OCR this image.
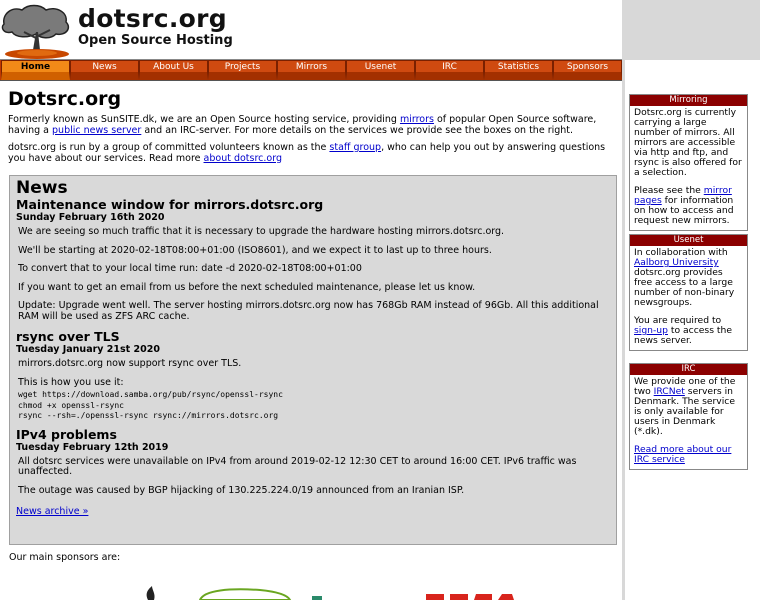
dotsrc.org
Open Source Hosting
Home	News	About Us	Projects	Mirrors	Usenet	IRC	Statistics	Sponsors
Dotsrc.org

Formerly known as SunSITE.dk, we are an Open Source hosting service, providing mirrors of popular Open Source software, having a public news server and an IRC-server. For more details on the services we provide see the boxes on the right.

dotsrc.org is run by a group of committed volunteers known as the staff group, who can help you out by answering questions you have about our services. Read more about dotsrc.org

News
Maintenance window for mirrors.dotsrc.org
Sunday February 16th 2020

We are seeing so much traffic that it is necessary to upgrade the hardware hosting mirrors.dotsrc.org.

We'll be starting at 2020-02-18T08:00+01:00 (ISO8601), and we expect it to last up to three hours.

To convert that to your local time run: date -d 2020-02-18T08:00+01:00

If you want to get an email from us before the next scheduled maintenance, please let us know.

Update: Upgrade went well. The server hosting mirrors.dotsrc.org now has 768Gb RAM instead of 96Gb. All this additional RAM will be used as ZFS ARC cache.

rsync over TLS
Tuesday January 21st 2020

mirrors.dotsrc.org now support rsync over TLS.

This is how you use it:

wget https://download.samba.org/pub/rsync/openssl-rsync
chmod +x openssl-rsync
rsync --rsh=./openssl-rsync rsync://mirrors.dotsrc.org
IPv4 problems
Tuesday February 12th 2019

All dotsrc services were unavailable on IPv4 from around 2019-02-12 12:30 CET to around 16:00 CET. IPv6 traffic was unaffected.

The outage was caused by BGP hijacking of 130.225.224.0/19 announced from an Iranian ISP.

News archive »
Our main sponsors are:
Mirroring

Dotsrc.org is currently carrying a large number of mirrors. All mirrors are accessible via http and ftp, and rsync is also offered for a selection.

Please see the mirror pages for information on how to access and request new mirrors.

Usenet

In collaboration with Aalborg University dotsrc.org provides free access to a large number of non-binary newsgroups.

You are required to sign-up to access the news server.

IRC

We provide one of the two IRCNet servers in Denmark. The service is only available for users in Denmark (*.dk).

Read more about our IRC service
